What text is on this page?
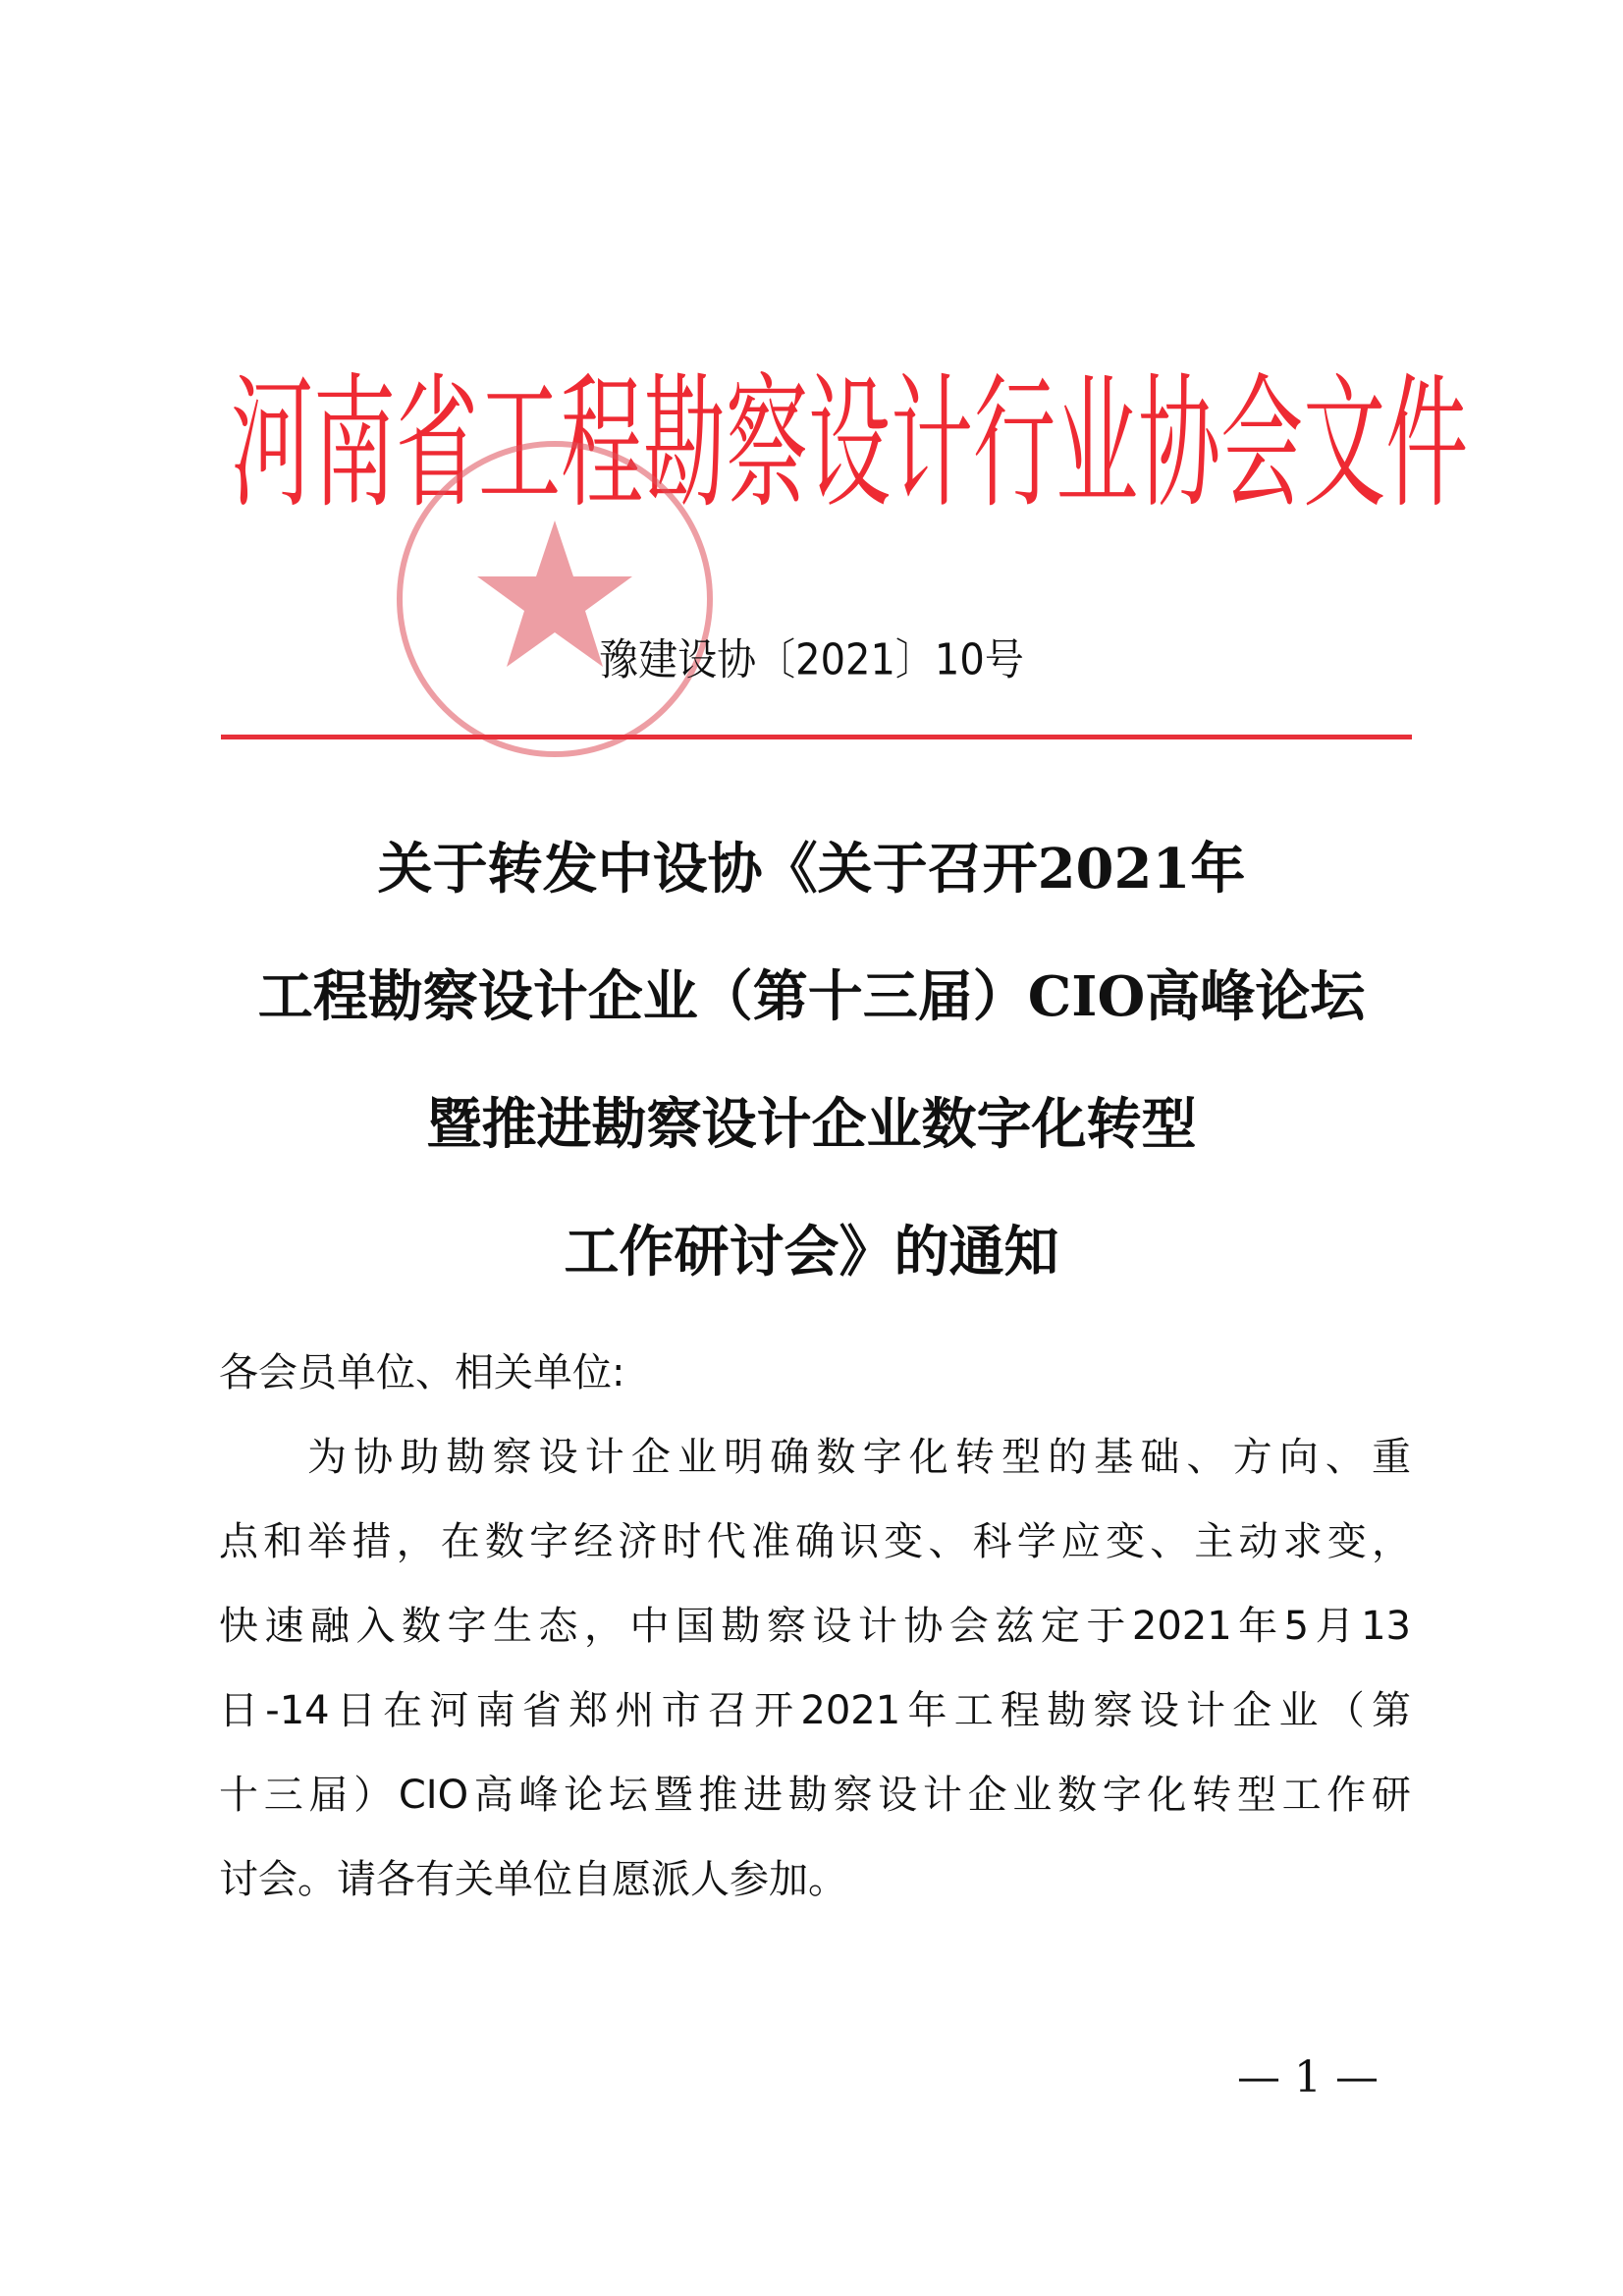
河 南 省 工 程 勘 察 设 计 行 业 协 会 文 件
豫建设协〔2021〕10号
关于转发中设协《关于召开2021年
工程勘察设计企业（第十三届）CIO高峰论坛
暨推进勘察设计企业数字化转型
工作研讨会》的通知
各会员单位、相关单位:
为协助勘察设计企业明确数字化转型的基础、方向、重
点和举措，在数字经济时代准确识变、科学应变、主动求变，
快速融入数字生态，中国勘察设计协会兹定于2021年5月13
日-14日在河南省郑州市召开2021年工程勘察设计企业（第
十三届）CIO高峰论坛暨推进勘察设计企业数字化转型工作研
讨会。请各有关单位自愿派人参加。
— 1 —
